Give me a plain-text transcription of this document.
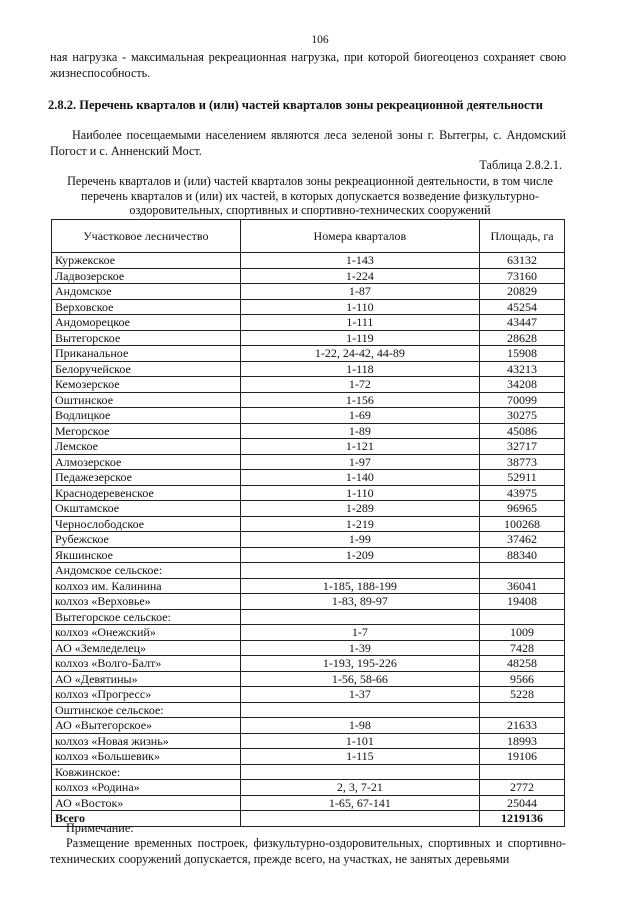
106
ная нагрузка - максимальная рекреационная нагрузка, при которой биогеоценоз сохраняет свою жизнеспособность.
2.8.2. Перечень кварталов и (или) частей кварталов зоны рекреационной деятельности
Наиболее посещаемыми населением являются леса зеленой зоны г. Вытегры, с. Андомский Погост и с. Анненский Мост.
Таблица 2.8.2.1.
Перечень кварталов и (или) частей кварталов зоны рекреационной деятельности, в том числе перечень кварталов и (или) их частей, в которых допускается возведение физкультурно-оздоровительных, спортивных и спортивно-технических сооружений
Участковое лесничество	Номера кварталов	Площадь, га
Куржекское	1-143	63132
Ладвозерское	1-224	73160
Андомское	1-87	20829
Верховское	1-110	45254
Андоморецкое	1-111	43447
Вытегорское	1-119	28628
Приканальное	1-22, 24-42, 44-89	15908
Белоручейское	1-118	43213
Кемозерское	1-72	34208
Оштинское	1-156	70099
Водлицкое	1-69	30275
Мегорское	1-89	45086
Лемское	1-121	32717
Алмозерское	1-97	38773
Педажезерское	1-140	52911
Краснодеревенское	1-110	43975
Окштамское	1-289	96965
Чернослободское	1-219	100268
Рубежское	1-99	37462
Якшинское	1-209	88340
Андомское сельское:		
колхоз им. Калинина	1-185, 188-199	36041
колхоз «Верховье»	1-83, 89-97	19408
Вытегорское сельское:		
колхоз «Онежский»	1-7	1009
АО «Земледелец»	1-39	7428
колхоз «Волго-Балт»	1-193, 195-226	48258
АО «Девятины»	1-56, 58-66	9566
колхоз «Прогресс»	1-37	5228
Оштинское сельское:		
АО «Вытегорское»	1-98	21633
колхоз «Новая жизнь»	1-101	18993
колхоз «Большевик»	1-115	19106
Ковжинское:		
колхоз «Родина»	2, 3, 7-21	2772
АО «Восток»	1-65, 67-141	25044
Всего		1219136
Примечание:
Размещение временных построек, физкультурно-оздоровительных, спортивных и спортивно-технических сооружений допускается, прежде всего, на участках, не занятых деревьями
